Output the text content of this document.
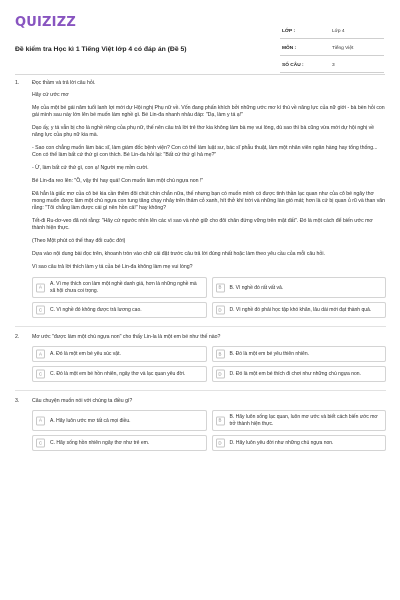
QUIZIZZ
Đề kiểm tra Học kì 1 Tiếng Việt lớp 4 có đáp án (Đề 5)
LỚP :	Lớp 4
MÔN :	Tiếng Việt
SỐ CÂU :	3
1. Đọc thầm và trả lời câu hỏi.

Hãy cứ ước mơ

Mẹ của một bé gái năm tuổi lanh lợi mới dự Hội nghị Phụ nữ về. Vốn đang phấn khích bởi những ước mơ kì thú về năng lực của nữ giới - bà bèn hỏi con gái mình sau này lớn lên bé muốn làm nghề gì. Bé Lin-đa nhanh nhảu đáp: "Dạ, làm y tá ạ!"

Dạo ấy, y tá vẫn bị cho là nghề riêng của phụ nữ, thế nên câu trả lời trẻ thơ kia không làm bà mẹ vui lòng, dù sao thì bà cũng vừa mới dự hội nghị về năng lực của phụ nữ kia mà.

- Sao con chẳng muốn làm bác sĩ, làm giám đốc bệnh viện? Con có thể làm luật sư, bác sĩ phẫu thuật, làm một nhân viên ngân hàng hay tổng thống... Con có thể làm bất cứ thứ gì con thích. Bé Lin-đa hỏi lại: "Bất cứ thứ gì hả mẹ?"

- Ừ, làm bất cứ thứ gì, con ạ! Người mẹ mỉm cười.

Bé Lin-đa reo lên: "Ồ, vậy thì hay quá! Con muốn làm một chú ngựa non !"

Đã hẳn là giấc mơ của cô bé kia cần thêm đôi chút chín chắn nữa, thế nhưng bạn có muốn mình có được tinh thần lạc quan như của cô bé ngây thơ mong muốn được làm một chú ngựa con tung tăng chạy nhảy trên thảm cỏ xanh, hít thở khí trời và những làn gió mát; hơn là cứ bị quan ủ rũ và than vãn rằng: "Tôi chẳng làm được cái gì nên hồn cả!" hay không?

Tết-đi Ru-dơ-veo đã nói rằng: "Hãy cứ ngước nhìn lên các vì sao và nhớ giữ cho đôi chân đứng vững trên mặt đất". Đó là một cách để biến ước mơ thành hiện thực.

(Theo Một phút có thể thay đổi cuộc đời)

Dựa vào nội dung bài đọc trên, khoanh tròn vào chữ cái đặt trước câu trả lời đúng nhất hoặc làm theo yêu cầu của mỗi câu hỏi.

Vì sao câu trả lời thích làm y tá của bé Lin-đa không làm mẹ vui lòng?

A
A. Vì mẹ thích con làm một nghề danh giá, hơn là những nghề mà xã hội chưa coi trọng.
B	B. Vì nghề đó rất vất vả.
C	C. Vì nghề đó không được trả lương cao.	D	D. Vì nghề đó phải học tập khó khăn, lâu dài mới đạt thành quả.
2. Mơ ước "được làm một chú ngựa non" cho thấy Lin-la là một em bé như thế nào?
A	A. Đó là một em bé yêu súc vật.	B	B. Đó là một em bé yêu thiên nhiên.
C	C. Đó là một em bé hồn nhiên, ngây thơ và lạc quan yêu đời.	D	D. Đó là một em bé thích đi chơi như những chú ngựa non.
3. Câu chuyện muốn nói với chúng ta điều gì?
A	A. Hãy luôn ước mơ tất cả mọi điều.	B
B. Hãy luôn sống lạc quan, luôn mơ ước và biết cách biến ước mơ trở thành hiện thực.
C	C. Hãy sống hồn nhiên ngây thơ như trẻ em.	D	D. Hãy luôn yêu đời như những chú ngựa non.
